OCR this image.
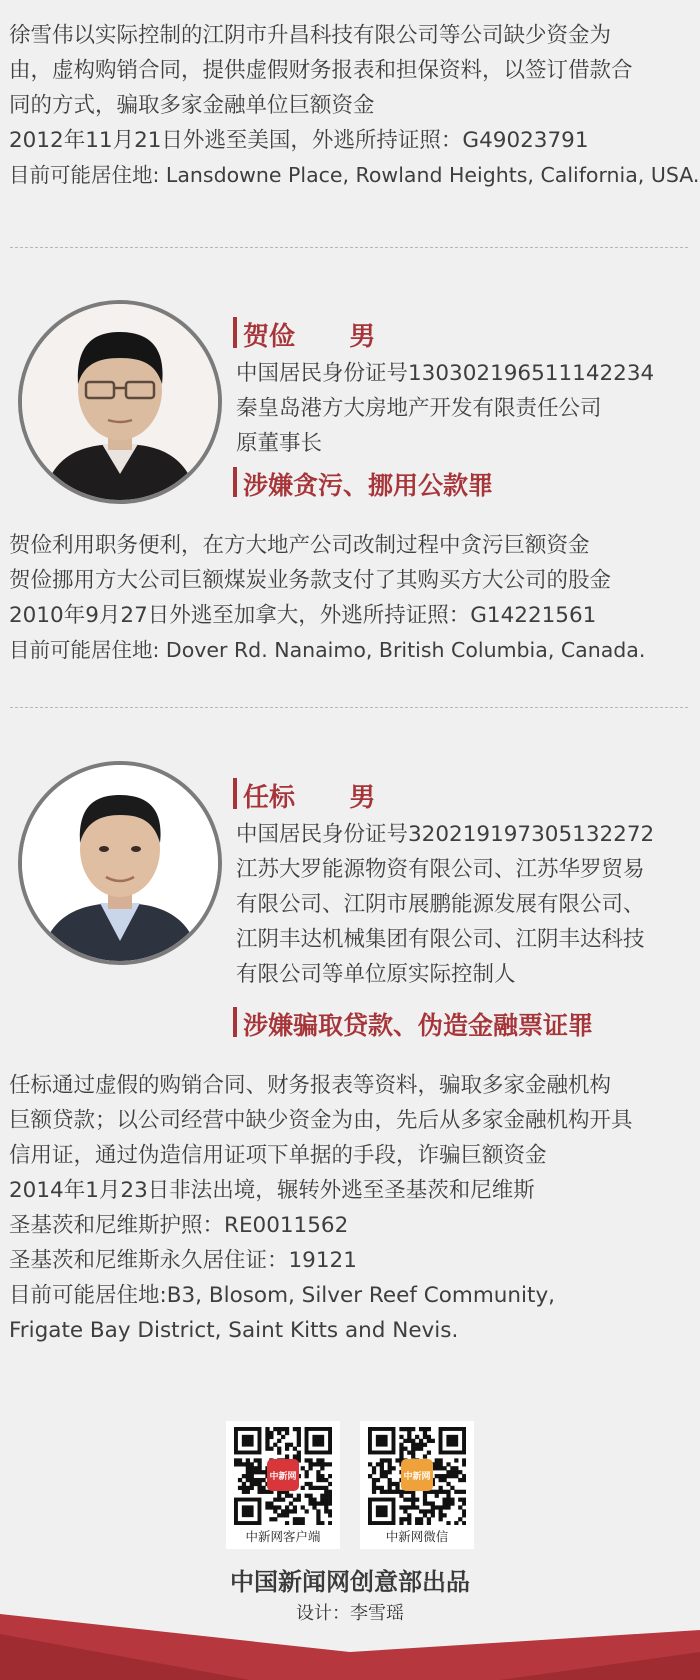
徐雪伟以实际控制的江阴市升昌科技有限公司等公司缺少资金为
由，虚构购销合同，提供虚假财务报表和担保资料，以签订借款合
同的方式，骗取多家金融单位巨额资金
2012年11月21日外逃至美国，外逃所持证照：G49023791
目前可能居住地: Lansdowne Place, Rowland Heights, California, USA.
贺俭 男
中国居民身份证号130302196511142234
秦皇岛港方大房地产开发有限责任公司
原董事长
涉嫌贪污、挪用公款罪
贺俭利用职务便利，在方大地产公司改制过程中贪污巨额资金
贺俭挪用方大公司巨额煤炭业务款支付了其购买方大公司的股金
2010年9月27日外逃至加拿大，外逃所持证照：G14221561
目前可能居住地: Dover Rd. Nanaimo, British Columbia, Canada.
任标 男
中国居民身份证号320219197305132272
江苏大罗能源物资有限公司、江苏华罗贸易
有限公司、江阴市展鹏能源发展有限公司、
江阴丰达机械集团有限公司、江阴丰达科技
有限公司等单位原实际控制人
涉嫌骗取贷款、伪造金融票证罪
任标通过虚假的购销合同、财务报表等资料，骗取多家金融机构
巨额贷款；以公司经营中缺少资金为由，先后从多家金融机构开具
信用证，通过伪造信用证项下单据的手段，诈骗巨额资金
2014年1月23日非法出境，辗转外逃至圣基茨和尼维斯
圣基茨和尼维斯护照：RE0011562
圣基茨和尼维斯永久居住证：19121
目前可能居住地:B3, Blosom, Silver Reef Community,
Frigate Bay District, Saint Kitts and Nevis.
中新网
中新网客户端
中新网
中新网微信
中国新闻网创意部出品
设计：李雪瑶
